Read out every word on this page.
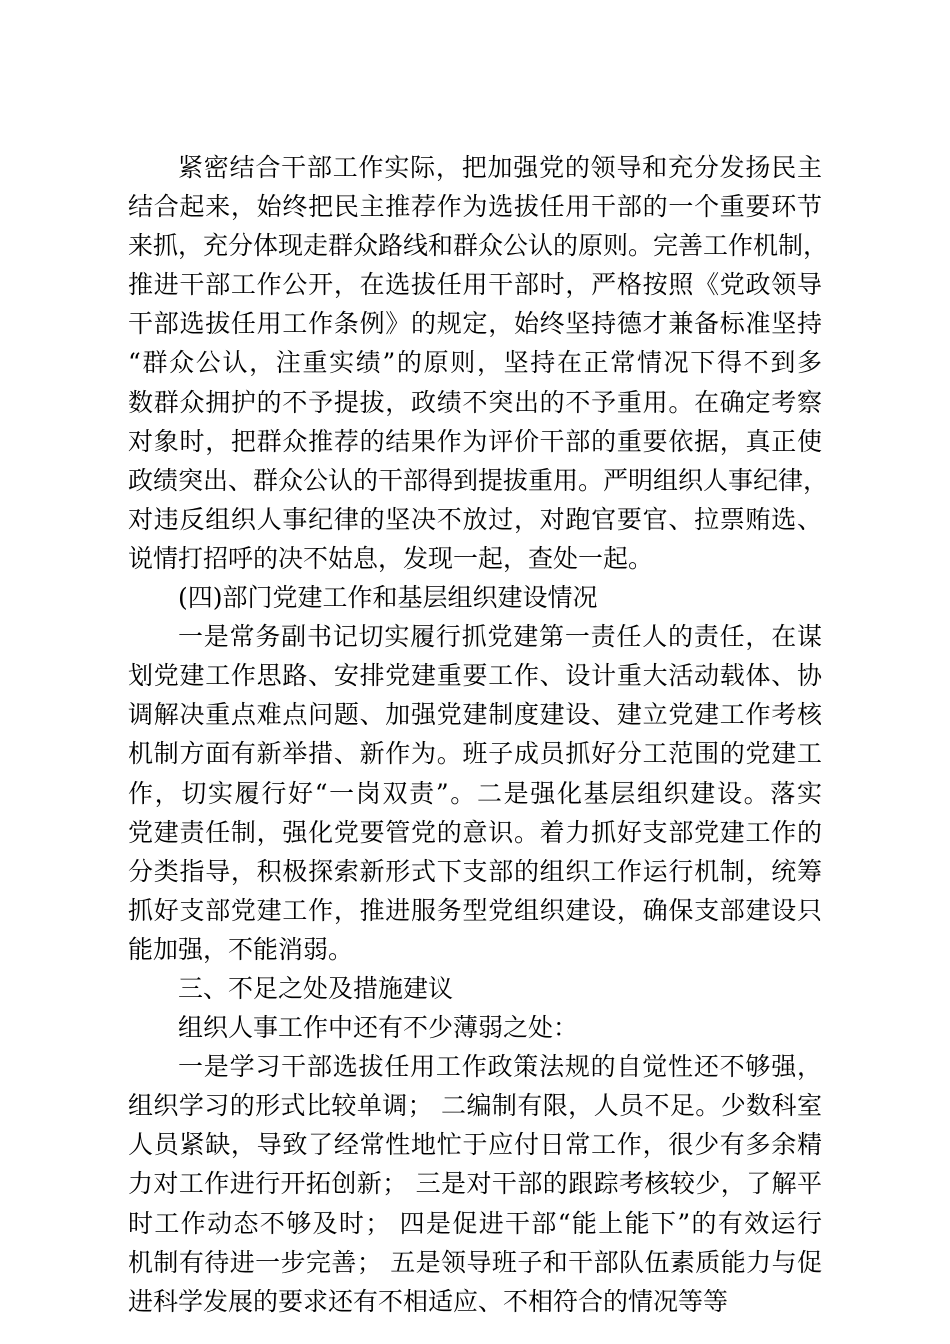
紧密结合干部工作实际，把加强党的领导和充分发扬民主
结合起来，始终把民主推荐作为选拔任用干部的一个重要环节
来抓，充分体现走群众路线和群众公认的原则。完善工作机制，
推进干部工作公开，在选拔任用干部时，严格按照《党政领导
干部选拔任用工作条例》的规定，始终坚持德才兼备标准坚持
“群众公认，注重实绩”的原则，坚持在正常情况下得不到多
数群众拥护的不予提拔，政绩不突出的不予重用。在确定考察
对象时，把群众推荐的结果作为评价干部的重要依据，真正使
政绩突出、群众公认的干部得到提拔重用。严明组织人事纪律，
对违反组织人事纪律的坚决不放过，对跑官要官、拉票贿选、
说情打招呼的决不姑息，发现一起，查处一起。
(四)部门党建工作和基层组织建设情况
一是常务副书记切实履行抓党建第一责任人的责任，在谋
划党建工作思路、安排党建重要工作、设计重大活动载体、协
调解决重点难点问题、加强党建制度建设、建立党建工作考核
机制方面有新举措、新作为。班子成员抓好分工范围的党建工
作，切实履行好“一岗双责”。二是强化基层组织建设。落实
党建责任制，强化党要管党的意识。着力抓好支部党建工作的
分类指导，积极探索新形式下支部的组织工作运行机制，统筹
抓好支部党建工作，推进服务型党组织建设，确保支部建设只
能加强，不能消弱。
三、不足之处及措施建议
组织人事工作中还有不少薄弱之处：
一是学习干部选拔任用工作政策法规的自觉性还不够强，
组织学习的形式比较单调； 二编制有限，人员不足。少数科室
人员紧缺，导致了经常性地忙于应付日常工作，很少有多余精
力对工作进行开拓创新； 三是对干部的跟踪考核较少，了解平
时工作动态不够及时； 四是促进干部“能上能下”的有效运行
机制有待进一步完善； 五是领导班子和干部队伍素质能力与促
进科学发展的要求还有不相适应、不相符合的情况等等
